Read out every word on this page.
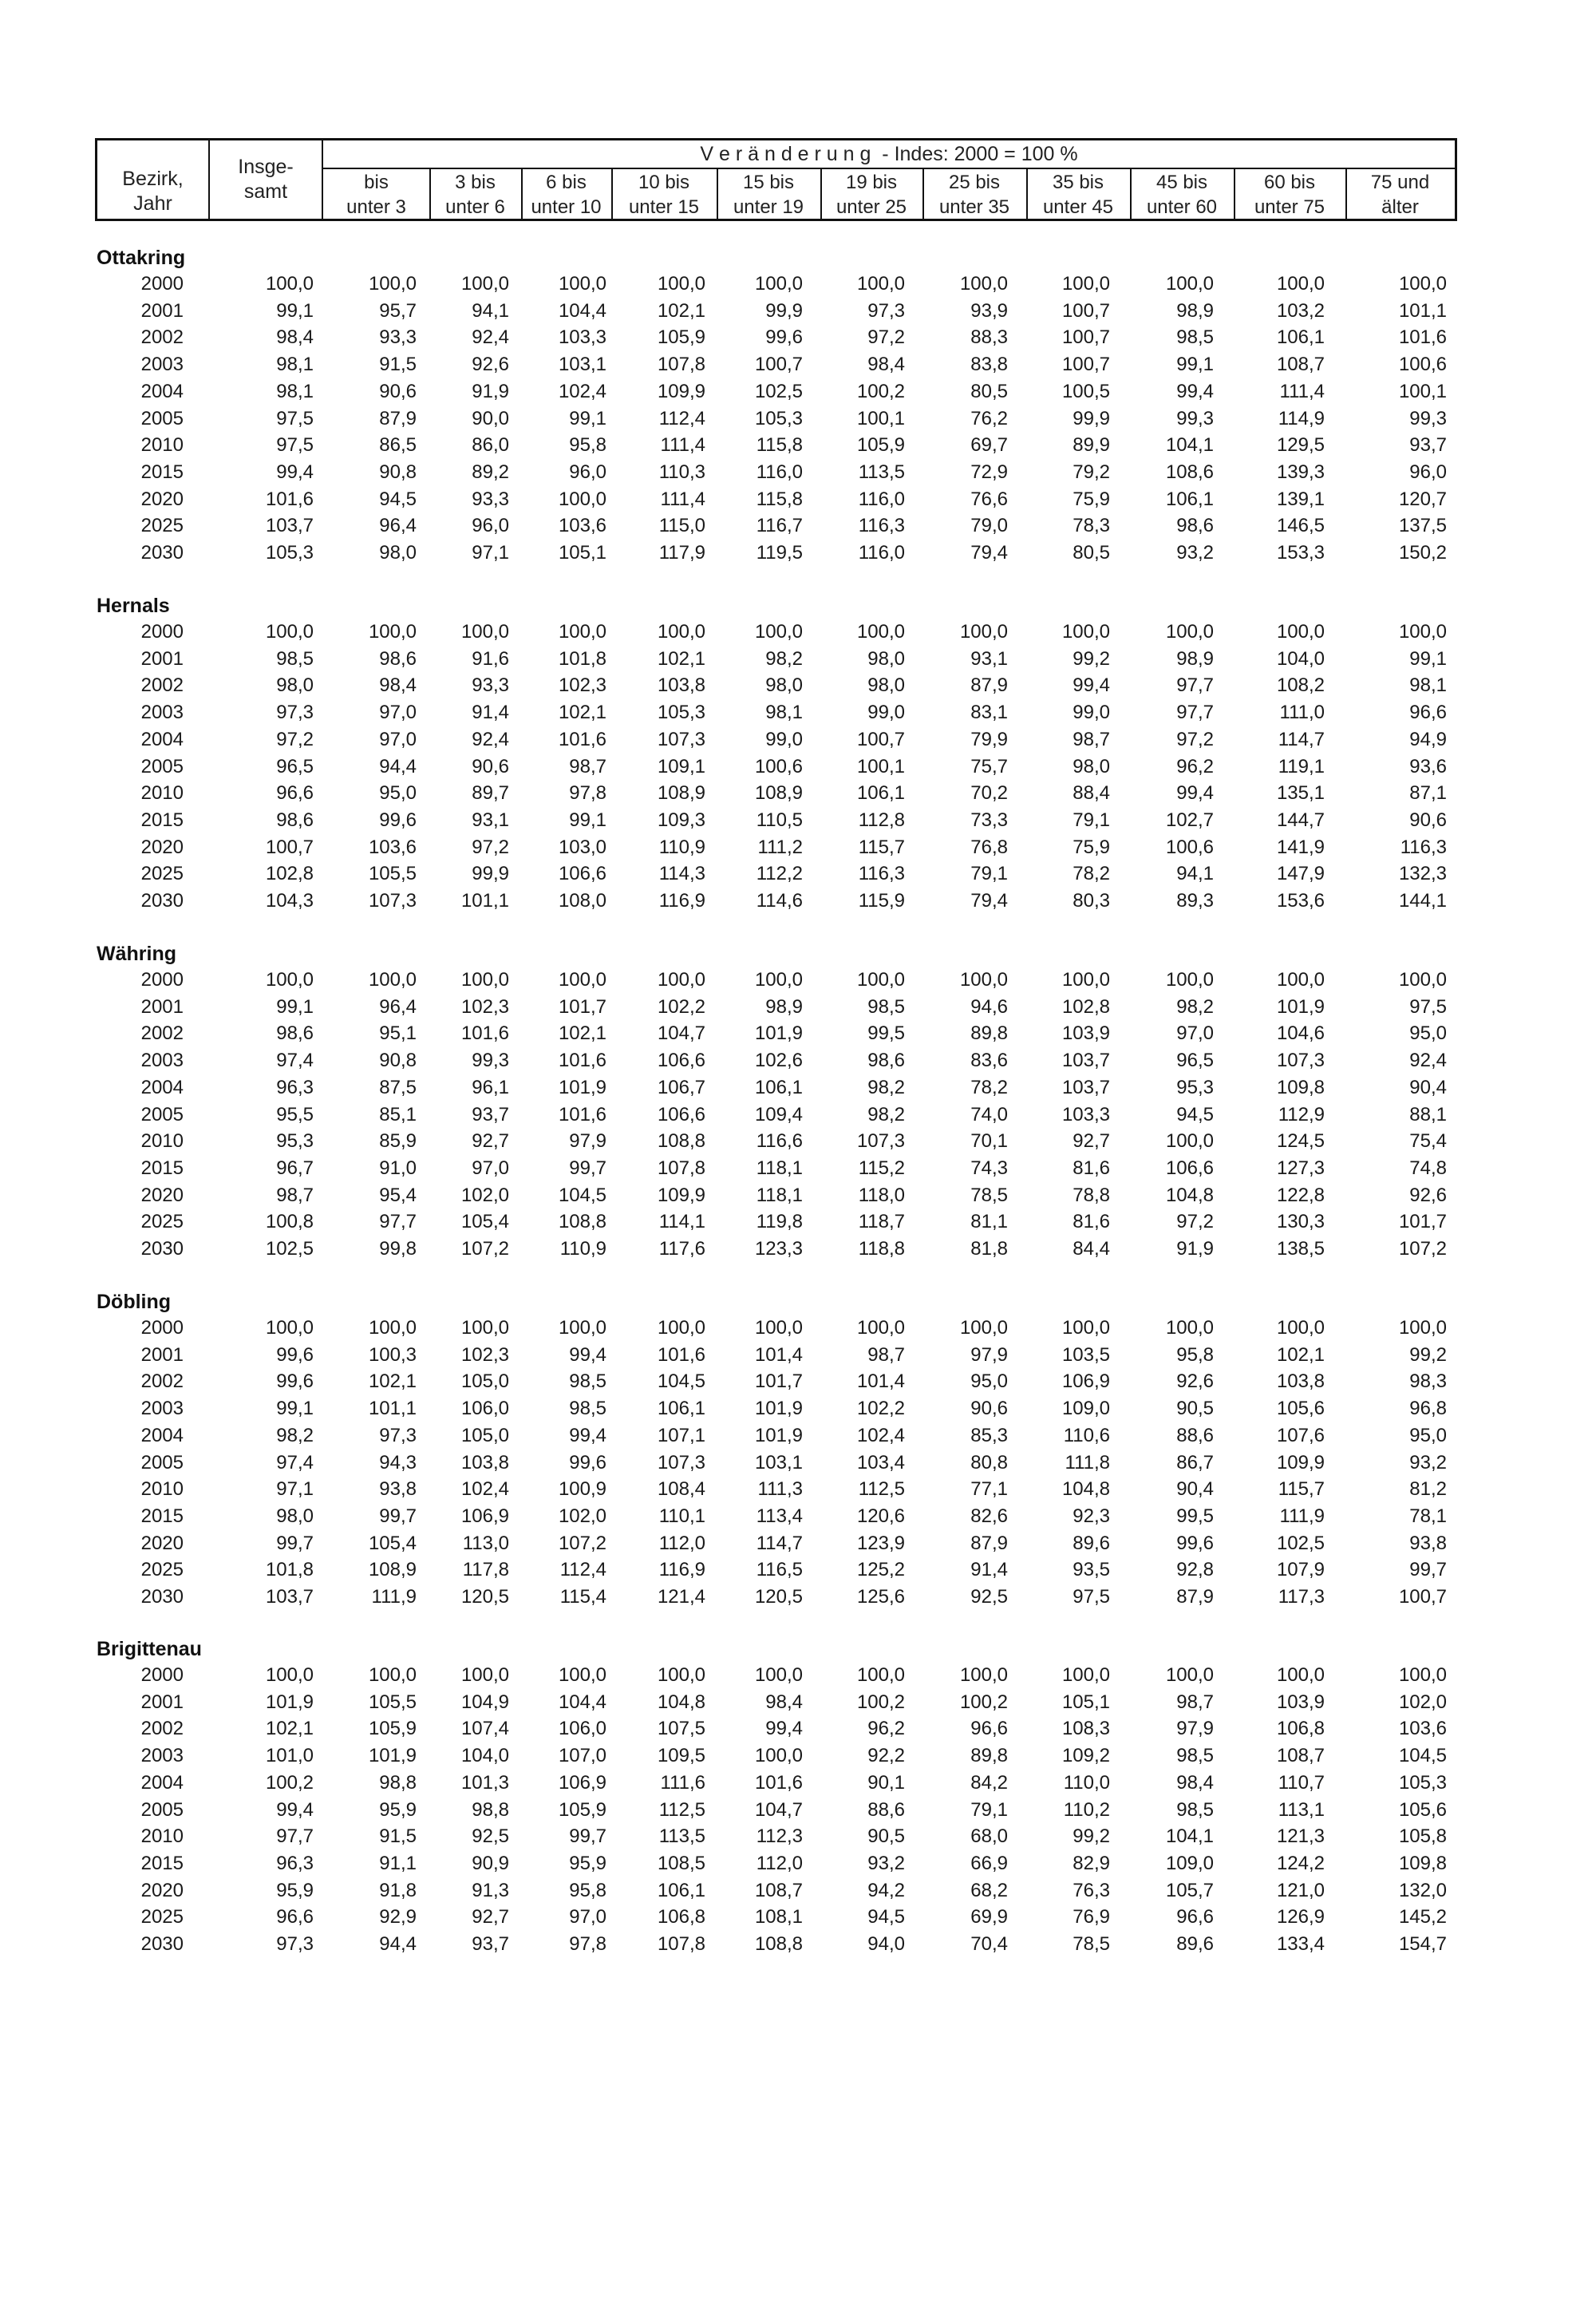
Bezirk,
Jahr
Insge-
samt
V e r ä n d e r u n g  - Indes: 2000 = 100 %
bis
unter 3
3 bis
unter 6
6 bis
unter 10
10 bis
unter 15
15 bis
unter 19
19 bis
unter 25
25 bis
unter 35
35 bis
unter 45
45 bis
unter 60
60 bis
unter 75
75 und
älter
Ottakring
2000	100,0	100,0 100,0	100,0	100,0	100,0	100,0	100,0	100,0	100,0	100,0	100,0
2001	99,1	95,7	94,1	104,4	102,1	99,9	97,3	93,9	100,7	98,9	103,2	101,1
2002	98,4	93,3	92,4	103,3	105,9	99,6	97,2	88,3	100,7	98,5	106,1	101,6
2003	98,1	91,5	92,6	103,1	107,8	100,7	98,4	83,8	100,7	99,1	108,7	100,6
2004	98,1	90,6	91,9	102,4	109,9	102,5	100,2	80,5	100,5	99,4	111,4	100,1
2005	97,5	87,9	90,0	99,1	112,4	105,3	100,1	76,2	99,9	99,3	114,9	99,3
2010	97,5	86,5	86,0	95,8	111,4	115,8	105,9	69,7	89,9	104,1	129,5	93,7
2015	99,4	90,8	89,2	96,0	110,3	116,0	113,5	72,9	79,2	108,6	139,3	96,0
2020	101,6	94,5	93,3	100,0	111,4	115,8	116,0	76,6	75,9	106,1	139,1	120,7
2025	103,7	96,4	96,0	103,6	115,0	116,7	116,3	79,0	78,3	98,6	146,5	137,5
2030	105,3	98,0	97,1	105,1	117,9	119,5	116,0	79,4	80,5	93,2	153,3	150,2
Hernals
2000	100,0	100,0 100,0	100,0	100,0	100,0	100,0	100,0	100,0	100,0	100,0	100,0
2001	98,5	98,6	91,6	101,8	102,1	98,2	98,0	93,1	99,2	98,9	104,0	99,1
2002	98,0	98,4	93,3	102,3	103,8	98,0	98,0	87,9	99,4	97,7	108,2	98,1
2003	97,3	97,0	91,4	102,1	105,3	98,1	99,0	83,1	99,0	97,7	111,0	96,6
2004	97,2	97,0	92,4	101,6	107,3	99,0	100,7	79,9	98,7	97,2	114,7	94,9
2005	96,5	94,4	90,6	98,7	109,1	100,6	100,1	75,7	98,0	96,2	119,1	93,6
2010	96,6	95,0	89,7	97,8	108,9	108,9	106,1	70,2	88,4	99,4	135,1	87,1
2015	98,6	99,6	93,1	99,1	109,3	110,5	112,8	73,3	79,1	102,7	144,7	90,6
2020	100,7	103,6	97,2	103,0	110,9	111,2	115,7	76,8	75,9	100,6	141,9	116,3
2025	102,8	105,5	99,9	106,6	114,3	112,2	116,3	79,1	78,2	94,1	147,9	132,3
2030	104,3	107,3 101,1	108,0	116,9	114,6	115,9	79,4	80,3	89,3	153,6	144,1
Währing
2000	100,0	100,0 100,0	100,0	100,0	100,0	100,0	100,0	100,0	100,0	100,0	100,0
2001	99,1	96,4 102,3	101,7	102,2	98,9	98,5	94,6	102,8	98,2	101,9	97,5
2002	98,6	95,1 101,6	102,1	104,7	101,9	99,5	89,8	103,9	97,0	104,6	95,0
2003	97,4	90,8	99,3	101,6	106,6	102,6	98,6	83,6	103,7	96,5	107,3	92,4
2004	96,3	87,5	96,1	101,9	106,7	106,1	98,2	78,2	103,7	95,3	109,8	90,4
2005	95,5	85,1	93,7	101,6	106,6	109,4	98,2	74,0	103,3	94,5	112,9	88,1
2010	95,3	85,9	92,7	97,9	108,8	116,6	107,3	70,1	92,7	100,0	124,5	75,4
2015	96,7	91,0	97,0	99,7	107,8	118,1	115,2	74,3	81,6	106,6	127,3	74,8
2020	98,7	95,4 102,0	104,5	109,9	118,1	118,0	78,5	78,8	104,8	122,8	92,6
2025	100,8	97,7 105,4	108,8	114,1	119,8	118,7	81,1	81,6	97,2	130,3	101,7
2030	102,5	99,8 107,2	110,9	117,6	123,3	118,8	81,8	84,4	91,9	138,5	107,2
Döbling
2000	100,0	100,0 100,0	100,0	100,0	100,0	100,0	100,0	100,0	100,0	100,0	100,0
2001	99,6	100,3 102,3	99,4	101,6	101,4	98,7	97,9	103,5	95,8	102,1	99,2
2002	99,6	102,1 105,0	98,5	104,5	101,7	101,4	95,0	106,9	92,6	103,8	98,3
2003	99,1	101,1 106,0	98,5	106,1	101,9	102,2	90,6	109,0	90,5	105,6	96,8
2004	98,2	97,3 105,0	99,4	107,1	101,9	102,4	85,3	110,6	88,6	107,6	95,0
2005	97,4	94,3 103,8	99,6	107,3	103,1	103,4	80,8	111,8	86,7	109,9	93,2
2010	97,1	93,8 102,4	100,9	108,4	111,3	112,5	77,1	104,8	90,4	115,7	81,2
2015	98,0	99,7 106,9	102,0	110,1	113,4	120,6	82,6	92,3	99,5	111,9	78,1
2020	99,7	105,4 113,0	107,2	112,0	114,7	123,9	87,9	89,6	99,6	102,5	93,8
2025	101,8	108,9 117,8	112,4	116,9	116,5	125,2	91,4	93,5	92,8	107,9	99,7
2030	103,7	111,9 120,5	115,4	121,4	120,5	125,6	92,5	97,5	87,9	117,3	100,7
Brigittenau
2000	100,0	100,0 100,0	100,0	100,0	100,0	100,0	100,0	100,0	100,0	100,0	100,0
2001	101,9	105,5 104,9	104,4	104,8	98,4	100,2	100,2	105,1	98,7	103,9	102,0
2002	102,1	105,9 107,4	106,0	107,5	99,4	96,2	96,6	108,3	97,9	106,8	103,6
2003	101,0	101,9 104,0	107,0	109,5	100,0	92,2	89,8	109,2	98,5	108,7	104,5
2004	100,2	98,8 101,3	106,9	111,6	101,6	90,1	84,2	110,0	98,4	110,7	105,3
2005	99,4	95,9	98,8	105,9	112,5	104,7	88,6	79,1	110,2	98,5	113,1	105,6
2010	97,7	91,5	92,5	99,7	113,5	112,3	90,5	68,0	99,2	104,1	121,3	105,8
2015	96,3	91,1	90,9	95,9	108,5	112,0	93,2	66,9	82,9	109,0	124,2	109,8
2020	95,9	91,8	91,3	95,8	106,1	108,7	94,2	68,2	76,3	105,7	121,0	132,0
2025	96,6	92,9	92,7	97,0	106,8	108,1	94,5	69,9	76,9	96,6	126,9	145,2
2030	97,3	94,4	93,7	97,8	107,8	108,8	94,0	70,4	78,5	89,6	133,4	154,7
